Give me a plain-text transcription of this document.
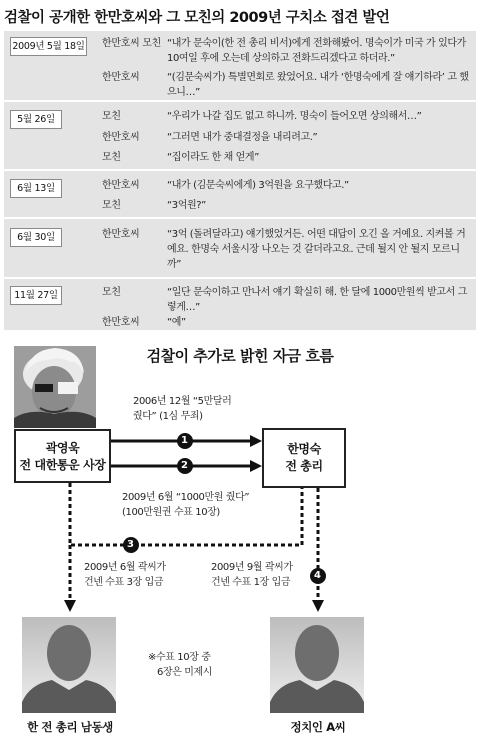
검찰이 공개한 한만호씨와 그 모친의 2009년 구치소 접견 발언
2009년 5월 18일 한만호씨 모친 “내가 문숙이(한 전 총리 비서)에게 전화해봤어. 명숙이가 미국 가 있다가 10여일 후에 오는데 상의하고 전화드리겠다고 하더라.”
한만호씨	“(김문숙씨가) 특별면회로 왔었어요. 내가 ‘한명숙에게 잘 얘기하라’ 고 했으니…”
5월 26일	모친	“우리가 나갈 집도 없고 하니까. 명숙이 들어오면 상의해서…”
한만호씨	“그러면 내가 중대결정을 내리려고.”
모친	“집이라도 한 채 얻게”
6월 13일	한만호씨	“내가 (김문숙씨에게) 3억원을 요구했다고.”
모친	“3억원?”
6월 30일	한만호씨	“3억 (돌려달라고) 얘기했었거든. 어떤 대답이 오긴 올 거예요. 지켜볼 거예요. 한명숙 서울시장 나오는 것 갈더라고요. 근데 될지 안 될지 모르니까”
11월 27일	모친	“일단 문숙이하고 만나서 얘기 확실히 해. 한 달에 1000만원씩 받고서 그렇게…”
한만호씨	“예”
검찰이 추가로 밝힌 자금 흐름
1
2
3
4
곽영욱
전 대한통운 사장
한명숙
전 총리
2006년 12월 “5만달러
줬다” (1심 무죄)
2009년 6월 “1000만원 줬다”
(100만원권 수표 10장)
2009년 6월 곽씨가
건넨 수표 3장 입금
2009년 9월 곽씨가
건넨 수표 1장 입금
※수표 10장 중
6장은 미제시
한 전 총리 남동생	정치인 A씨
